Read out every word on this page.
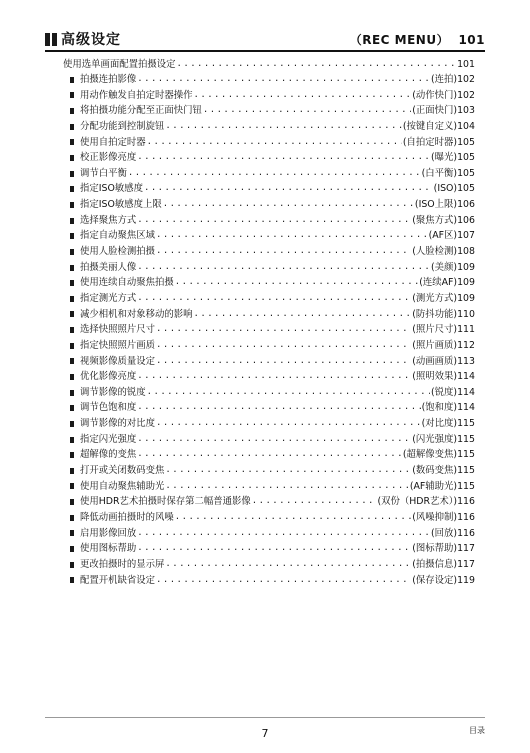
高级设定	（REC MENU）  101
使用选单画面配置拍摄设定 . . .	101
拍摄连拍影像 . . .	(连拍) 102
用动作触发自拍定时器操作 . . .	(动作快门) 102
将拍摄功能分配至正面快门钮 . . .	(正面快门) 103
分配功能到控制旋钮 . . .	(按键自定义) 104
使用自拍定时器 . . .	(自拍定时器) 105
校正影像亮度 . . .	(曝光) 105
调节白平衡 . . .	(白平衡) 105
指定ISO敏感度 . . .	(ISO) 105
指定ISO敏感度上限 . . .	(ISO上限) 106
选择聚焦方式 . . .	(聚焦方式) 106
指定自动聚焦区域 . . .	(AF区) 107
使用人脸检测拍摄 . . .	(人脸检测) 108
拍摄美丽人像 . . .	(美颜) 109
使用连续自动聚焦拍摄 . . .	(连续AF) 109
指定测光方式 . . .	(测光方式) 109
减少相机和对象移动的影响 . . .	(防抖功能) 110
选择快照照片尺寸 . . .	(照片尺寸) 111
指定快照照片画质 . . .	(照片画质) 112
视频影像质量设定 . . .	(动画画质) 113
优化影像亮度 . . .	(照明效果) 114
调节影像的锐度 . . .	(锐度) 114
调节色饱和度 . . .	(饱和度) 114
调节影像的对比度 . . .	(对比度) 115
指定闪光强度 . . .	(闪光强度) 115
超解像的变焦 . . .	(超解像变焦) 115
打开或关闭数码变焦 . . .	(数码变焦) 115
使用自动聚焦辅助光 . . .	(AF辅助光) 115
使用HDR艺术拍摄时保存第二幅普通影像 . . .	(双份（HDR艺术）) 116
降低动画拍摄时的风噪 . . .	(风噪抑制) 116
启用影像回放 . . .	(回放) 116
使用图标帮助 . . .	(图标帮助) 117
更改拍摄时的显示屏 . . .	(拍摄信息) 117
配置开机缺省设定 . . .	(保存设定) 119
7	目录
